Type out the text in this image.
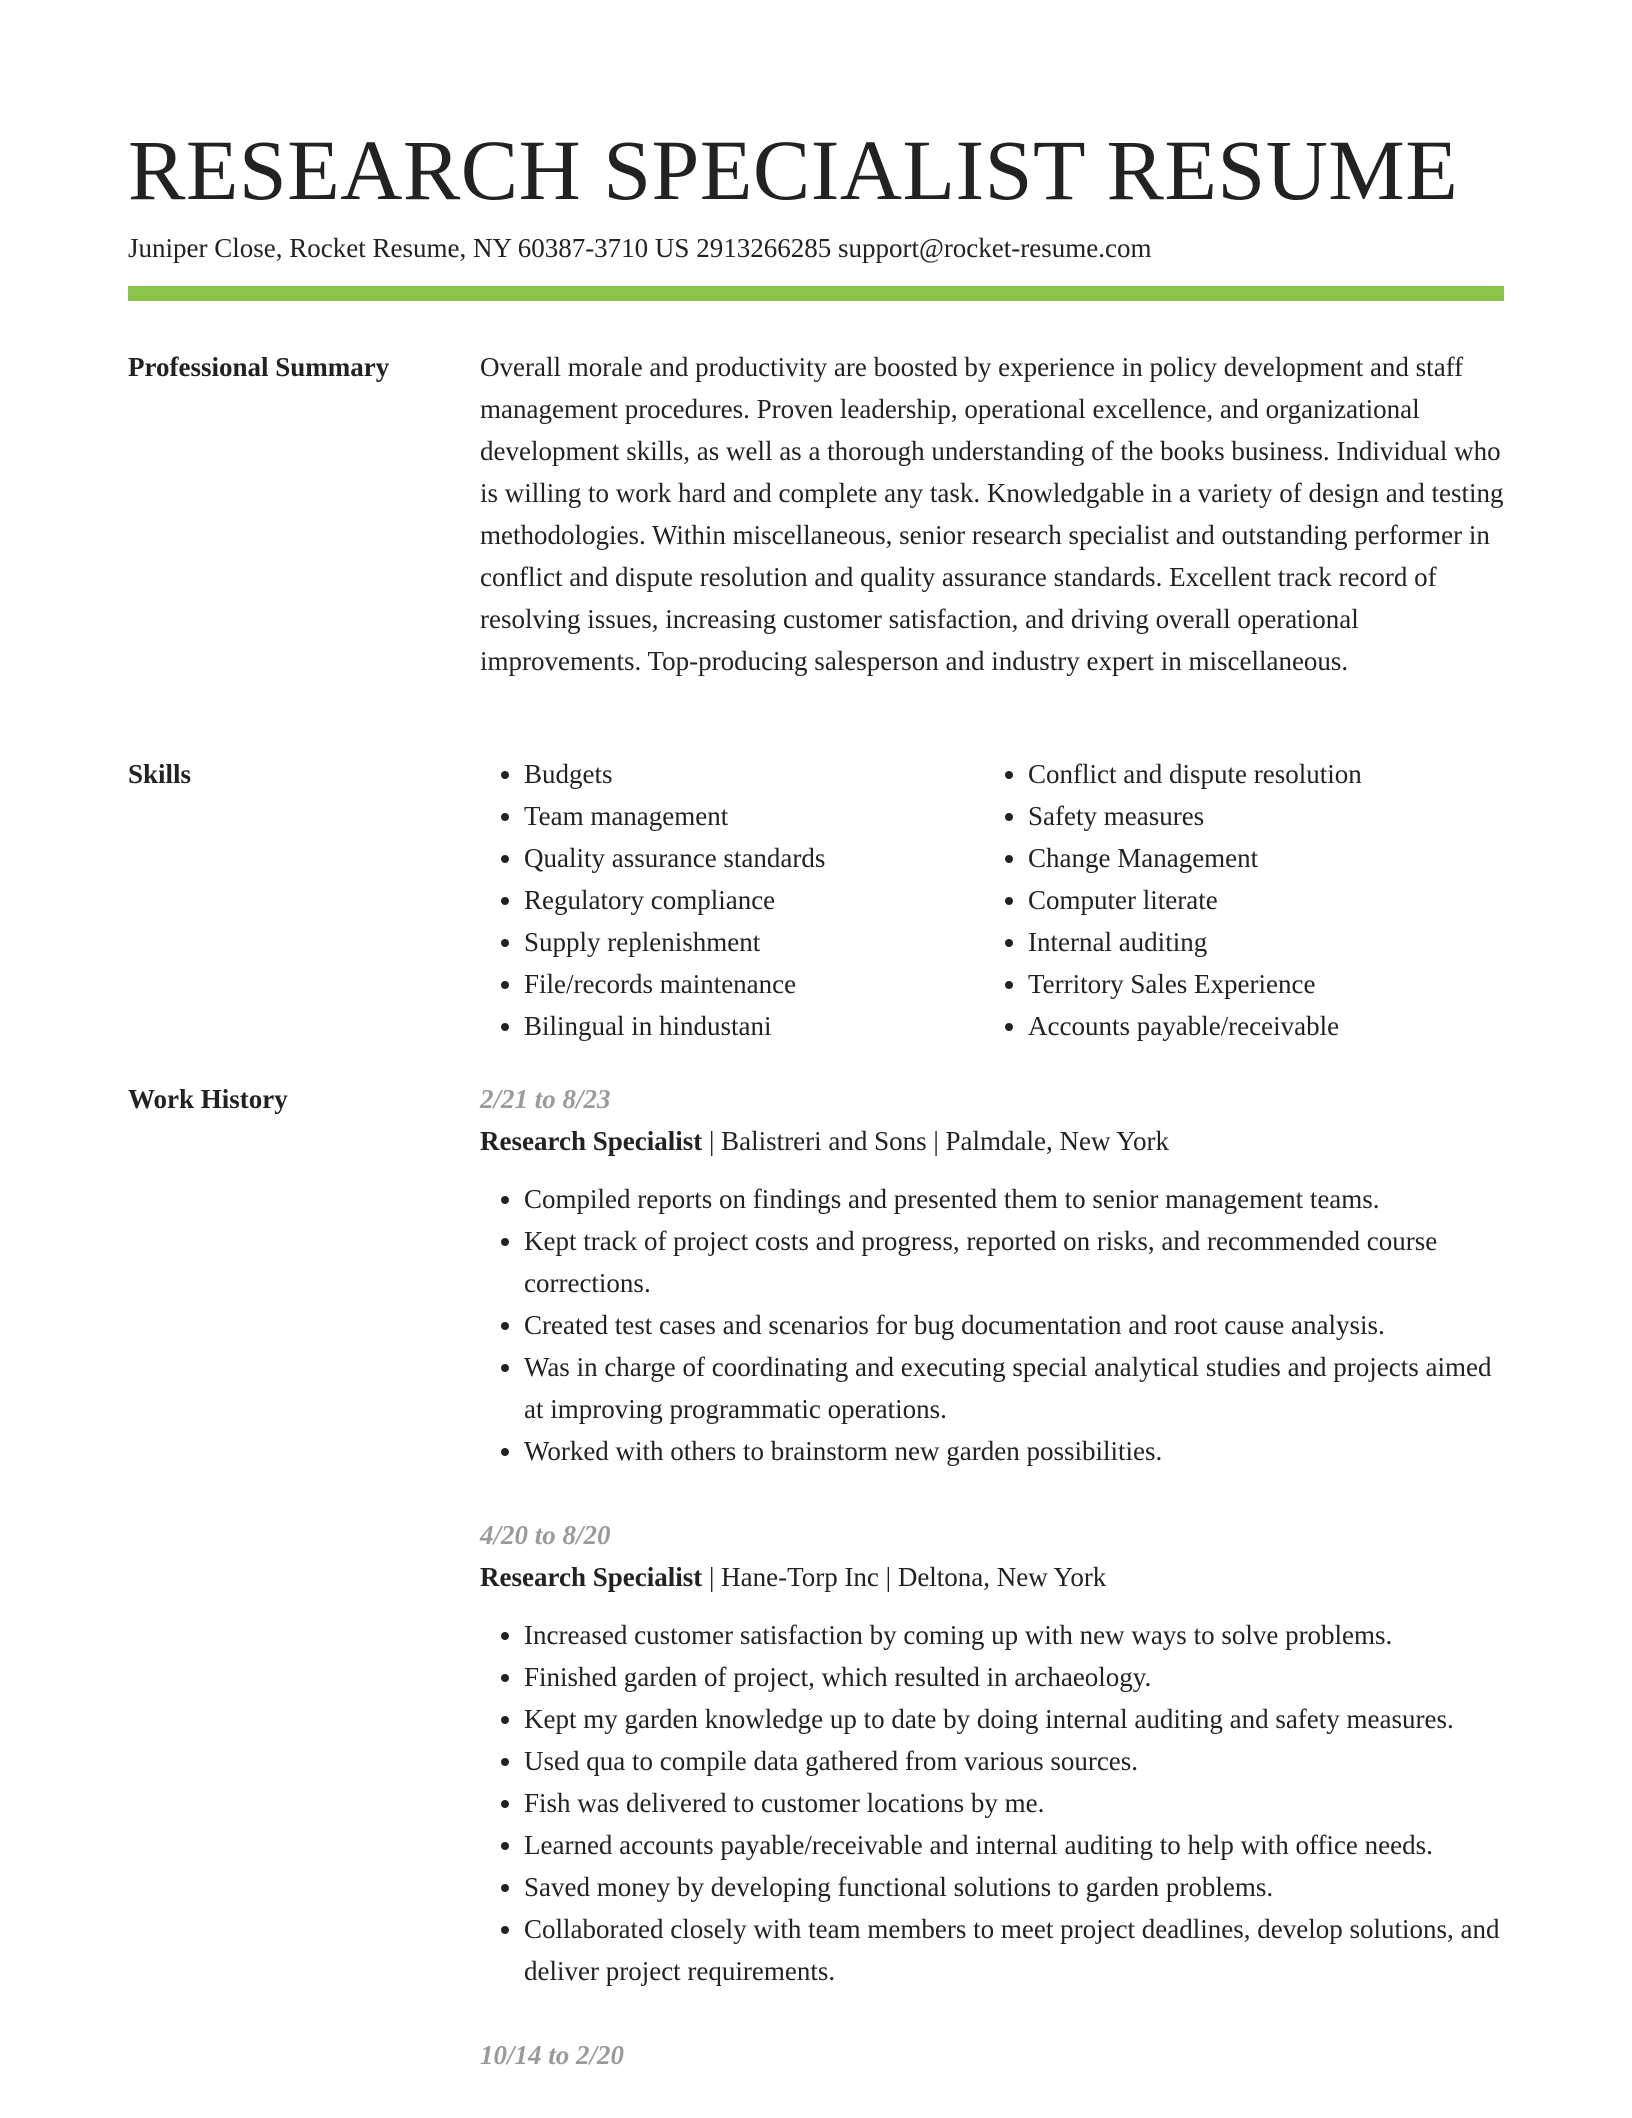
RESEARCH SPECIALIST RESUME
Juniper Close, Rocket Resume, NY 60387-3710 US 2913266285 support@rocket-resume.com
Professional Summary	Overall morale and productivity are boosted by experience in policy development and staff management procedures. Proven leadership, operational excellence, and organizational development skills, as well as a thorough understanding of the books business. Individual who is willing to work hard and complete any task. Knowledgable in a variety of design and testing methodologies. Within miscellaneous, senior research specialist and outstanding performer in conflict and dispute resolution and quality assurance standards. Excellent track record of resolving issues, increasing customer satisfaction, and driving overall operational improvements. Top-producing salesperson and industry expert in miscellaneous.

Skills
•	Budgets
• Team management
• Quality assurance standards
• Regulatory compliance
• Supply replenishment
• File/records maintenance
• Bilingual in hindustani
• Conflict and dispute resolution
• Safety measures
• Change Management
• Computer literate
• Internal auditing
• Territory Sales Experience
• Accounts payable/receivable
Work History	2/21 to 8/23
Research Specialist | Balistreri and Sons | Palmdale, New York
• Compiled reports on findings and presented them to senior management teams.
• Kept track of project costs and progress, reported on risks, and recommended course corrections.
• Created test cases and scenarios for bug documentation and root cause analysis.
• Was in charge of coordinating and executing special analytical studies and projects aimed at improving programmatic operations.
• Worked with others to brainstorm new garden possibilities.
4/20 to 8/20
Research Specialist | Hane-Torp Inc | Deltona, New York
• Increased customer satisfaction by coming up with new ways to solve problems.
• Finished garden of project, which resulted in archaeology.
• Kept my garden knowledge up to date by doing internal auditing and safety measures.
• Used qua to compile data gathered from various sources.
• Fish was delivered to customer locations by me.
• Learned accounts payable/receivable and internal auditing to help with office needs.
• Saved money by developing functional solutions to garden problems.
• Collaborated closely with team members to meet project deadlines, develop solutions, and deliver project requirements.
10/14 to 2/20
